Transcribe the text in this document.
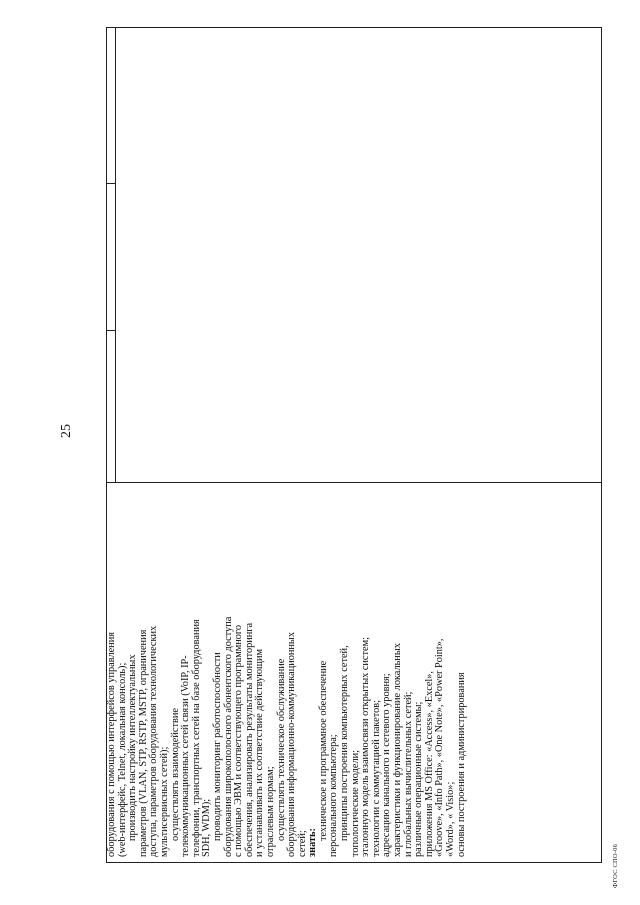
25

оборудования с помощью интерфейсов управления (web-интерфейс, Telnet, локальная консоль); производить настройку интеллектуальных параметров (VLAN, STP, RSTP, MSTP, ограничения доступа, параметров оборудования технологических мультисервисных сетей); осуществлять взаимодействие телекоммуникационных сетей связи (VoIP, IP- телефонии, транспортных сетей на базе оборудования SDH, WDM); проводить мониторинг работоспособности оборудования широкополосного абонентского доступа с помощью ЭВМ и соответствующего программного обеспечения, анализировать результаты мониторинга и устанавливать их соответствие действующим отраслевым нормам; осуществлять техническое обслуживание оборудования информационно-коммуникационных сетей; знать:

техническое и программное обеспечение персонального компьютера; принципы построения компьютерных сетей, топологические модели; эталонную модель взаимосвязи открытых систем; технологии с коммутацией пакетов; адресацию канального и сетевого уровня; характеристики и функционирование локальных и глобальных вычислительных сетей; различные операционные системы; приложения MS Office: «Access», «Excel», «Groove», «Info Path», «One Note», «Power Point», «Word», « Visio»; основы построения и администрирования

ФГОС СПО-06
